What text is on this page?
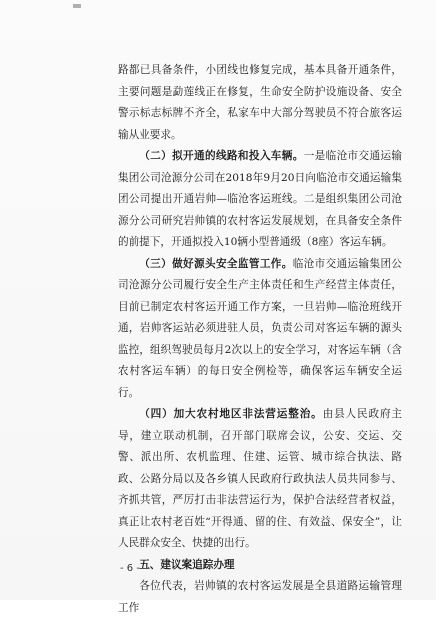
路都已具备条件，小团线也修复完成，基本具备开通条件，主要问题是勐莲线正在修复，生命安全防护设施设备、安全警示标志标牌不齐全，私家车中大部分驾驶员不符合旅客运输从业要求。

（二）拟开通的线路和投入车辆。一是临沧市交通运输集团公司沧源分公司在2018年9月20日向临沧市交通运输集团公司提出开通岩帅—临沧客运班线。二是组织集团公司沧源分公司研究岩帅镇的农村客运发展规划，在具备安全条件的前提下，开通拟投入10辆小型普通级（8座）客运车辆。

（三）做好源头安全监管工作。临沧市交通运输集团公司沧源分公司履行安全生产主体责任和生产经营主体责任，目前已制定农村客运开通工作方案，一旦岩帅—临沧班线开通，岩帅客运站必须进驻人员，负责公司对客运车辆的源头监控，组织驾驶员每月2次以上的安全学习，对客运车辆（含农村客运车辆）的每日安全例检等，确保客运车辆安全运行。

（四）加大农村地区非法营运整治。由县人民政府主导，建立联动机制，召开部门联席会议，公安、交运、交警、派出所、农机监理、住建、运管、城市综合执法、路政、公路分局以及各乡镇人民政府行政执法人员共同参与、齐抓共管，严厉打击非法营运行为，保护合法经营者权益，真正让农村老百姓“开得通、留的住、有效益、保安全”，让人民群众安全、快捷的出行。

五、建议案追踪办理

各位代表，岩帅镇的农村客运发展是全县道路运输管理工作

- 6 -
